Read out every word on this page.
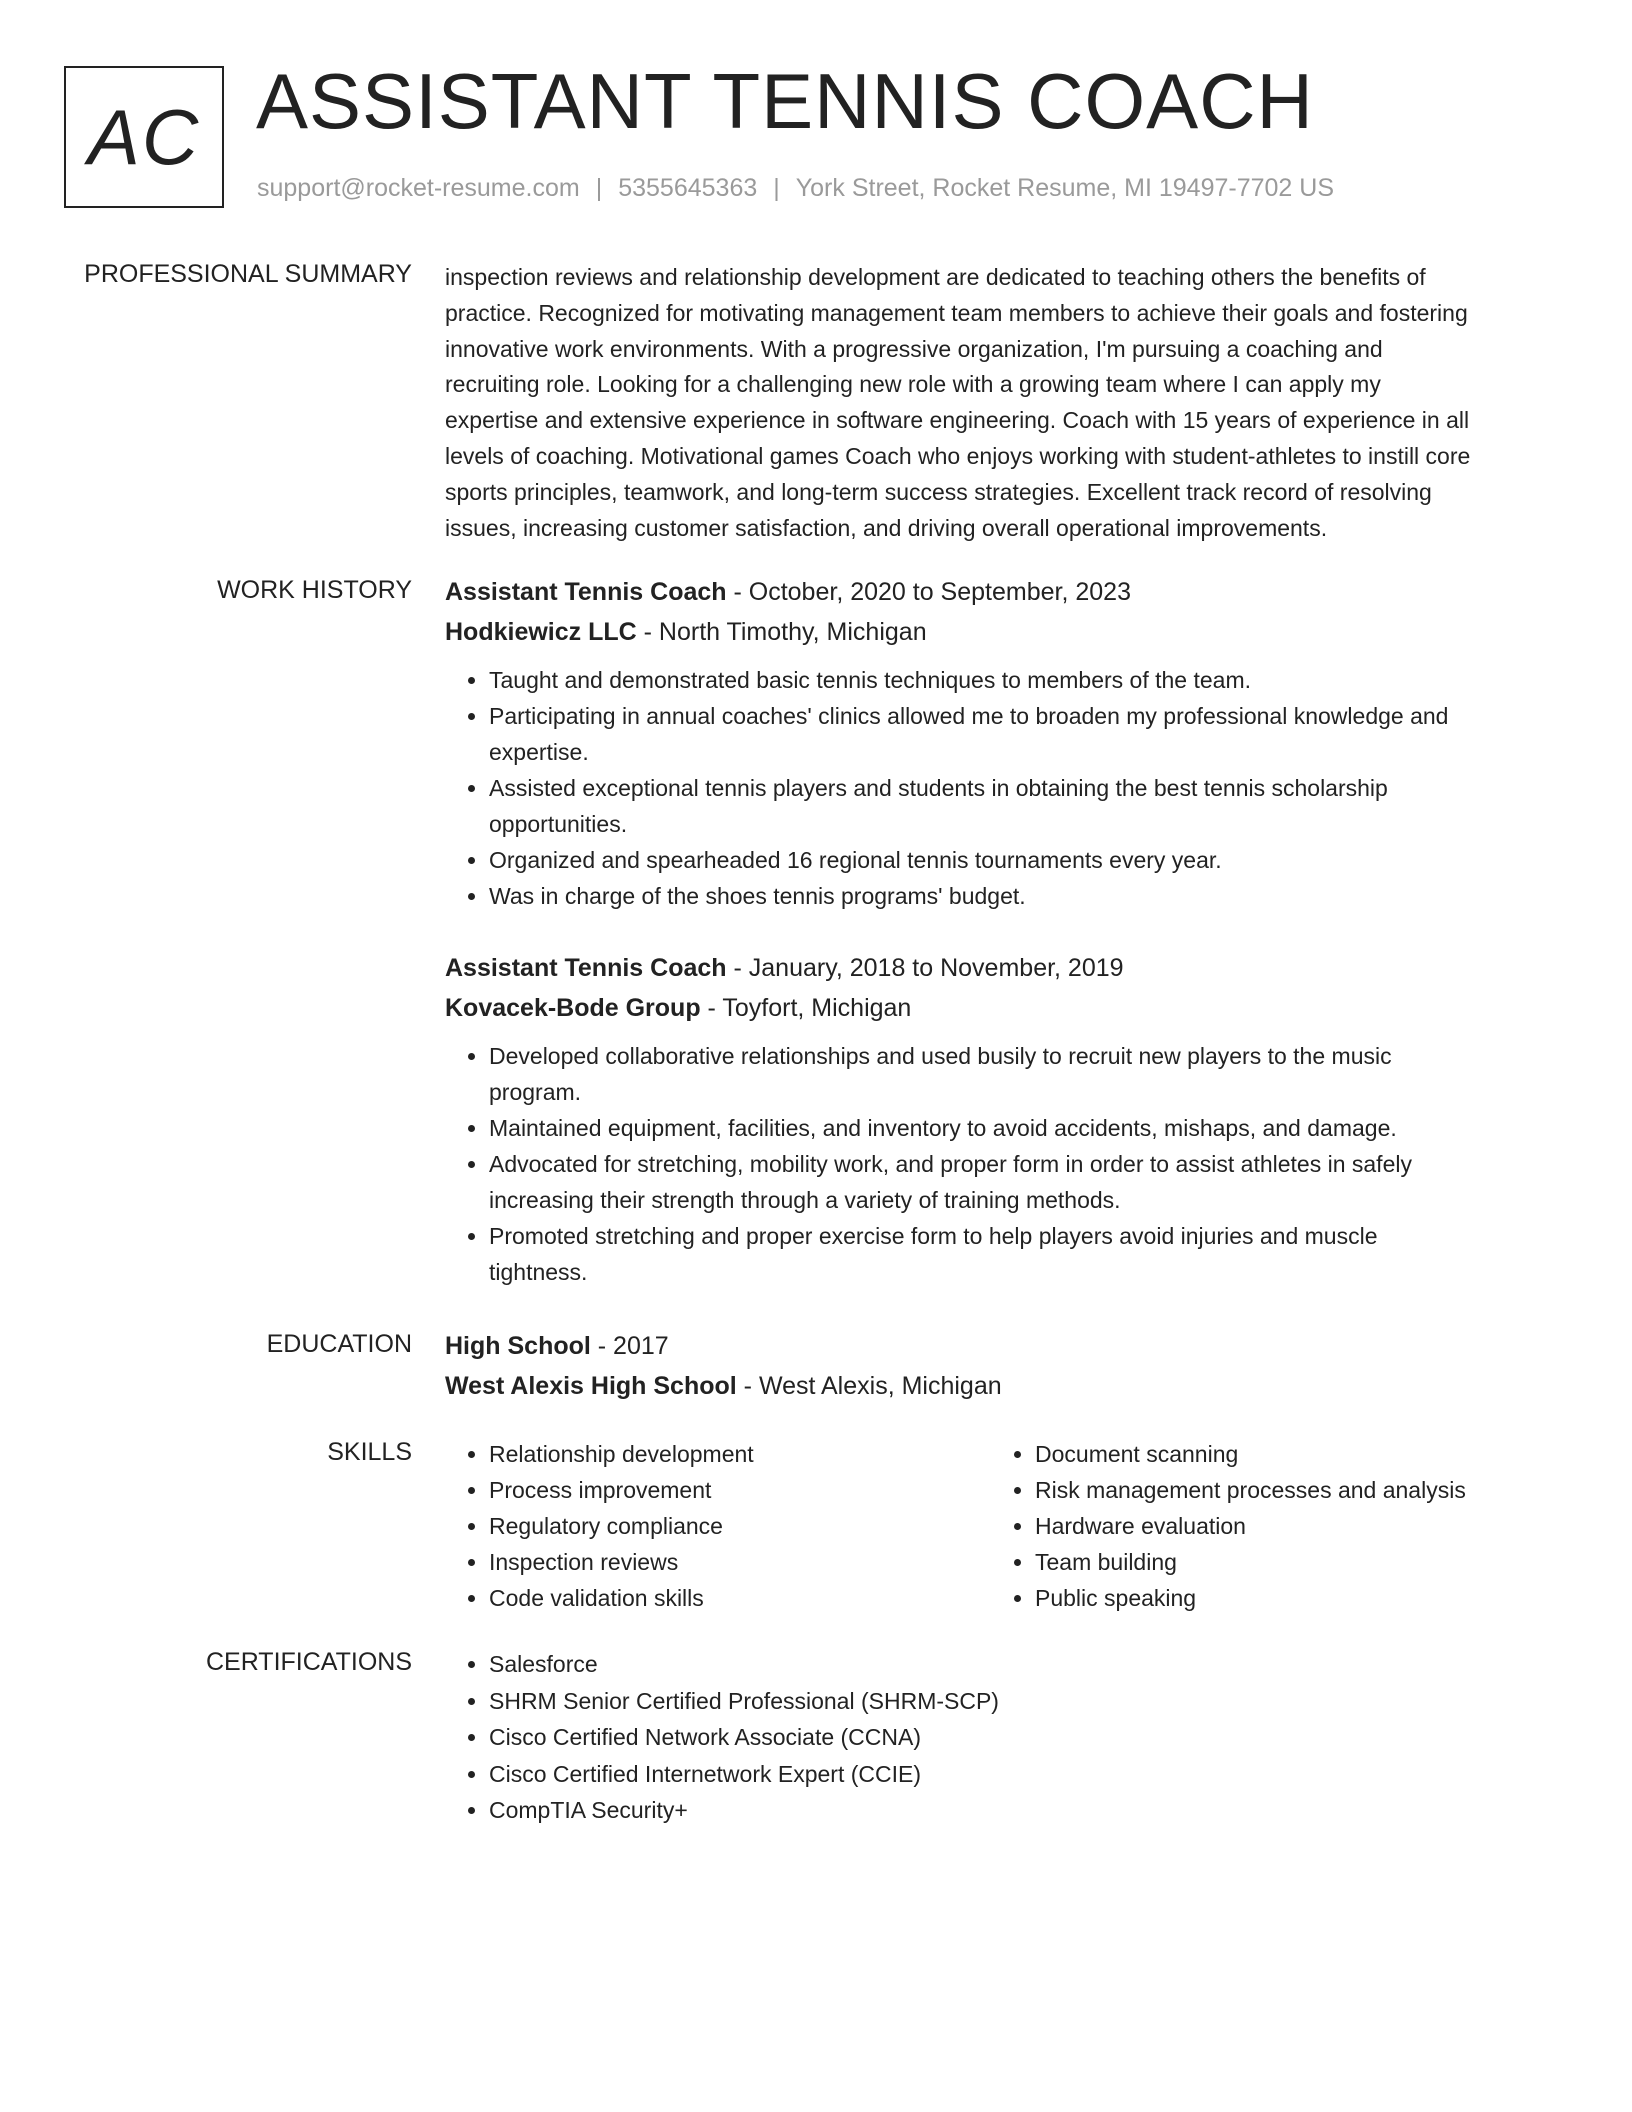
AC ASSISTANT TENNIS COACH
support@rocket-resume.com | 5355645363 | York Street, Rocket Resume, MI 19497-7702 US
PROFESSIONAL SUMMARY inspection reviews and relationship development are dedicated to teaching others the benefits of
practice. Recognized for motivating management team members to achieve their goals and fostering
innovative work environments. With a progressive organization, I'm pursuing a coaching and
recruiting role. Looking for a challenging new role with a growing team where I can apply my
expertise and extensive experience in software engineering. Coach with 15 years of experience in all
levels of coaching. Motivational games Coach who enjoys working with student-athletes to instill core
sports principles, teamwork, and long-term success strategies. Excellent track record of resolving
issues, increasing customer satisfaction, and driving overall operational improvements.

WORK HISTORY Assistant Tennis Coach - October, 2020 to September, 2023
Hodkiewicz LLC - North Timothy, Michigan
• Taught and demonstrated basic tennis techniques to members of the team.
• Participating in annual coaches' clinics allowed me to broaden my professional knowledge and
expertise.
• Assisted exceptional tennis players and students in obtaining the best tennis scholarship
opportunities.
• Organized and spearheaded 16 regional tennis tournaments every year.
• Was in charge of the shoes tennis programs' budget.
Assistant Tennis Coach - January, 2018 to November, 2019
Kovacek-Bode Group - Toyfort, Michigan
• Developed collaborative relationships and used busily to recruit new players to the music
program.
• Maintained equipment, facilities, and inventory to avoid accidents, mishaps, and damage.
• Advocated for stretching, mobility work, and proper form in order to assist athletes in safely
increasing their strength through a variety of training methods.
• Promoted stretching and proper exercise form to help players avoid injuries and muscle
tightness.
EDUCATION High School - 2017
West Alexis High School - West Alexis, Michigan
SKILLS	• Relationship development
• Process improvement
• Regulatory compliance
• Inspection reviews
• Code validation skills
• Document scanning
• Risk management processes and analysis
• Hardware evaluation
• Team building
• Public speaking
CERTIFICATIONS	• Salesforce
• SHRM Senior Certified Professional (SHRM-SCP)
• Cisco Certified Network Associate (CCNA)
• Cisco Certified Internetwork Expert (CCIE)
• CompTIA Security+
